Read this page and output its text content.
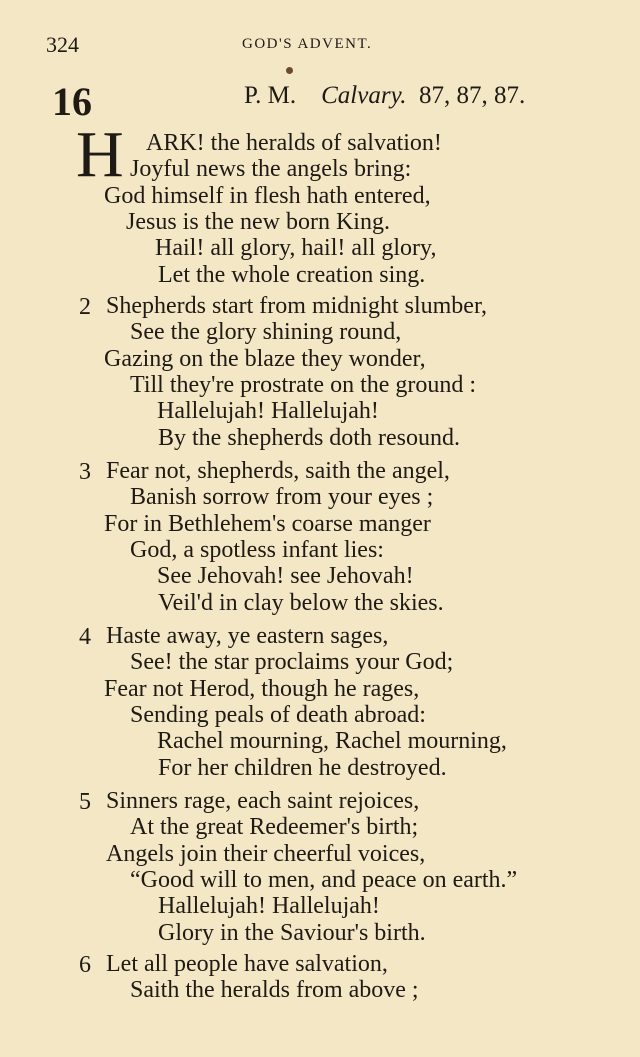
324	GOD'S ADVENT.
16	P. M. Calvary. 87, 87, 87.
H ARK! the heralds of salvation!
Joyful news the angels bring:
God himself in flesh hath entered,
Jesus is the new born King.
Hail! all glory, hail! all glory,
Let the whole creation sing.
2 Shepherds start from midnight slumber,
See the glory shining round,
Gazing on the blaze they wonder,
Till they're prostrate on the ground :
Hallelujah! Hallelujah!
By the shepherds doth resound.
3 Fear not, shepherds, saith the angel,
Banish sorrow from your eyes ;
For in Bethlehem's coarse manger
God, a spotless infant lies:
See Jehovah! see Jehovah!
Veil'd in clay below the skies.
4 Haste away, ye eastern sages,
See! the star proclaims your God;
Fear not Herod, though he rages,
Sending peals of death abroad:
Rachel mourning, Rachel mourning,
For her children he destroyed.
5 Sinners rage, each saint rejoices,
At the great Redeemer's birth;
Angels join their cheerful voices,
“Good will to men, and peace on earth.”
Hallelujah! Hallelujah!
Glory in the Saviour's birth.
6 Let all people have salvation,
Saith the heralds from above ;
